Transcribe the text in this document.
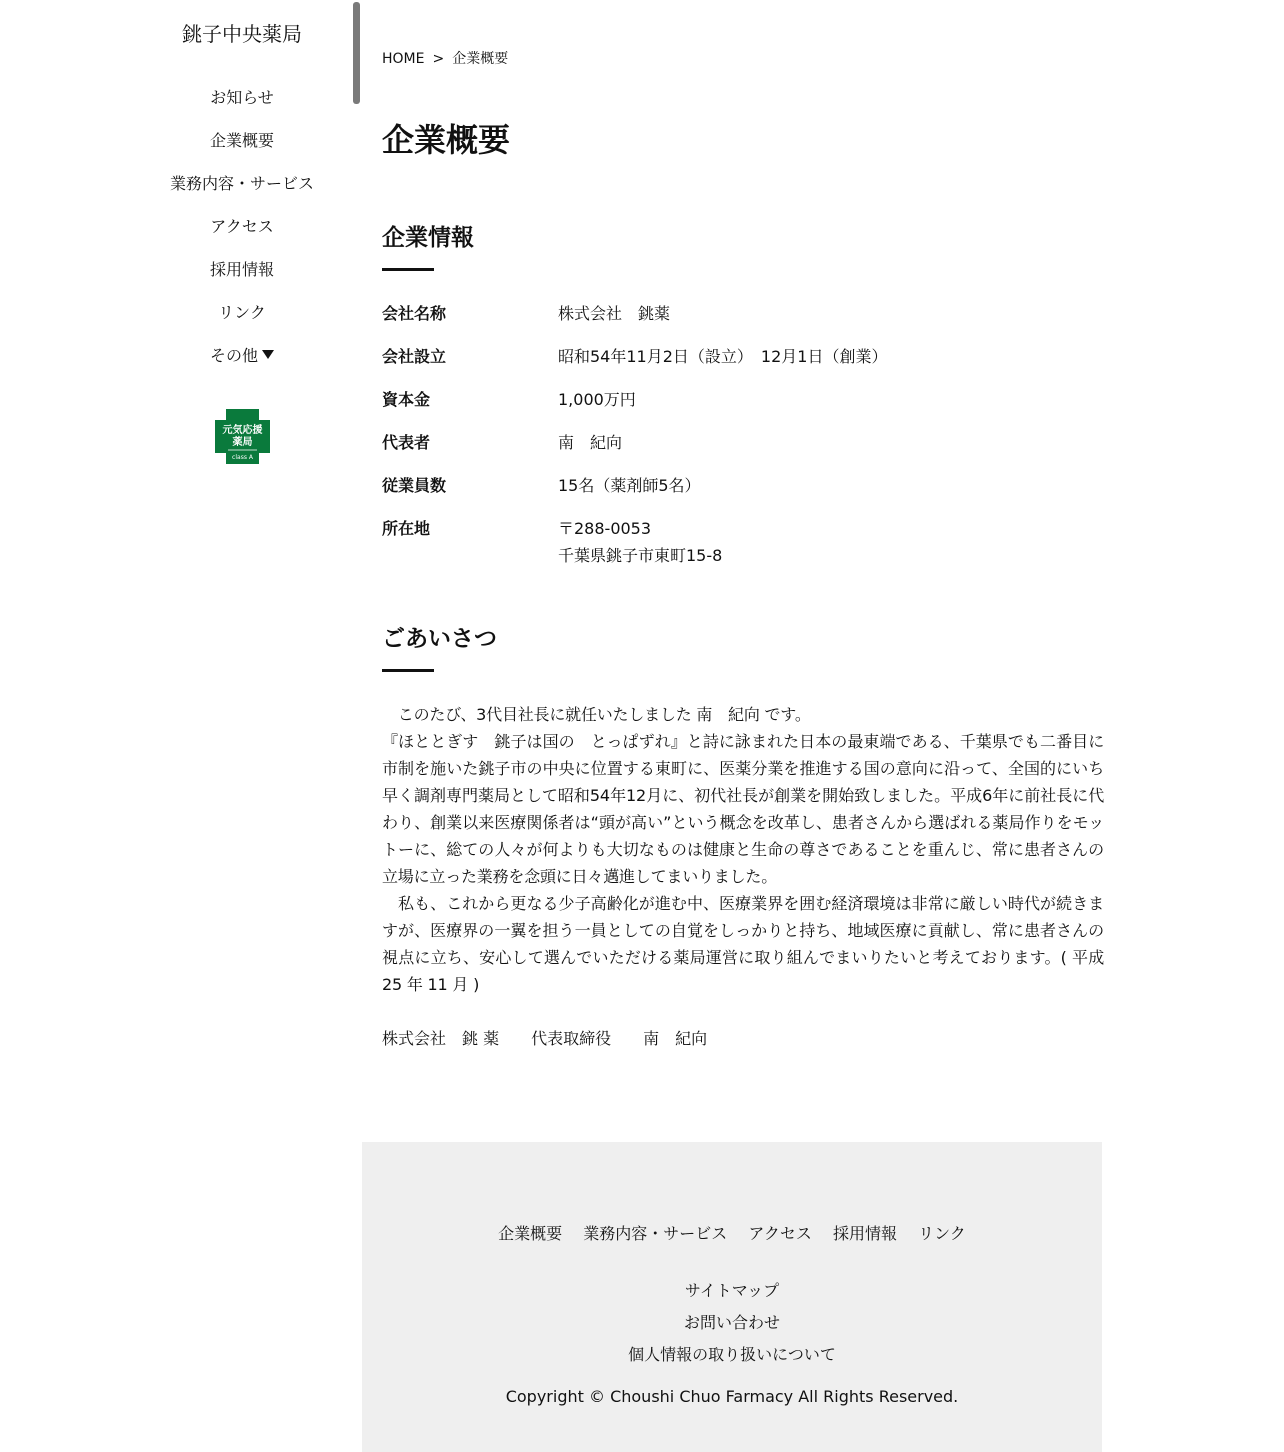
銚子中央薬局
お知らせ
企業概要
業務内容・サービス
アクセス
採用情報
リンク
その他
元気応援
薬局
class A
HOME > 企業概要
企業概要
企業情報
会社名称	株式会社　銚薬
会社設立	昭和54年11月2日（設立）　12月1日（創業）
資本金	1,000万円
代表者	南　紀向
従業員数	15名（薬剤師5名）
所在地	〒288-0053
千葉県銚子市東町15-8
ごあいさつ

　このたび、3代目社長に就任いたしました 南　紀向 です。

『ほととぎす　銚子は国の　とっぱずれ』と詩に詠まれた日本の最東端である、千葉県でも二番目に市制を施いた銚子市の中央に位置する東町に、医薬分業を推進する国の意向に沿って、全国的にいち早く調剤専門薬局として昭和54年12月に、初代社長が創業を開始致しました。平成6年に前社長に代わり、創業以来医療関係者は“頭が高い”という概念を改革し、患者さんから選ばれる薬局作りをモットーに、総ての人々が何よりも大切なものは健康と生命の尊さであることを重んじ、常に患者さんの立場に立った業務を念頭に日々邁進してまいりました。

　私も、これから更なる少子高齢化が進む中、医療業界を囲む経済環境は非常に厳しい時代が続きますが、医療界の一翼を担う一員としての自覚をしっかりと持ち、地域医療に貢献し、常に患者さんの視点に立ち、安心して選んでいただける薬局運営に取り組んでまいりたいと考えております。( 平成 25 年 11 月 )

株式会社　銚 薬　　代表取締役　　南　紀向
企業概要 業務内容・サービス アクセス 採用情報 リンク
サイトマップ
お問い合わせ
個人情報の取り扱いについて
Copyright © Choushi Chuo Farmacy All Rights Reserved.
